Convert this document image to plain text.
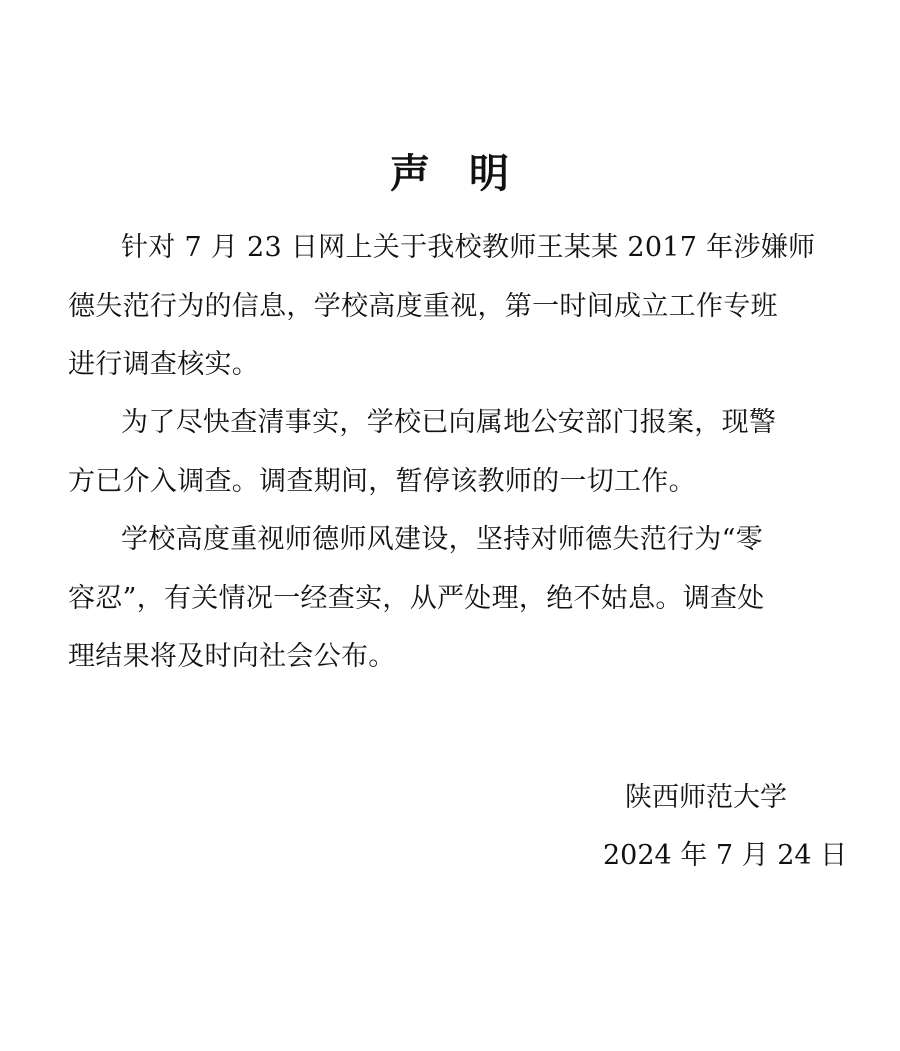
声 明
针对 7 月 23 日网上关于我校教师王某某 2017 年涉嫌师
德失范行为的信息，学校高度重视，第一时间成立工作专班
进行调查核实。
为了尽快查清事实，学校已向属地公安部门报案，现警
方已介入调查。调查期间，暂停该教师的一切工作。
学校高度重视师德师风建设，坚持对师德失范行为“零
容忍”，有关情况一经查实，从严处理，绝不姑息。调查处
理结果将及时向社会公布。
陕西师范大学
2024 年 7 月 24 日
